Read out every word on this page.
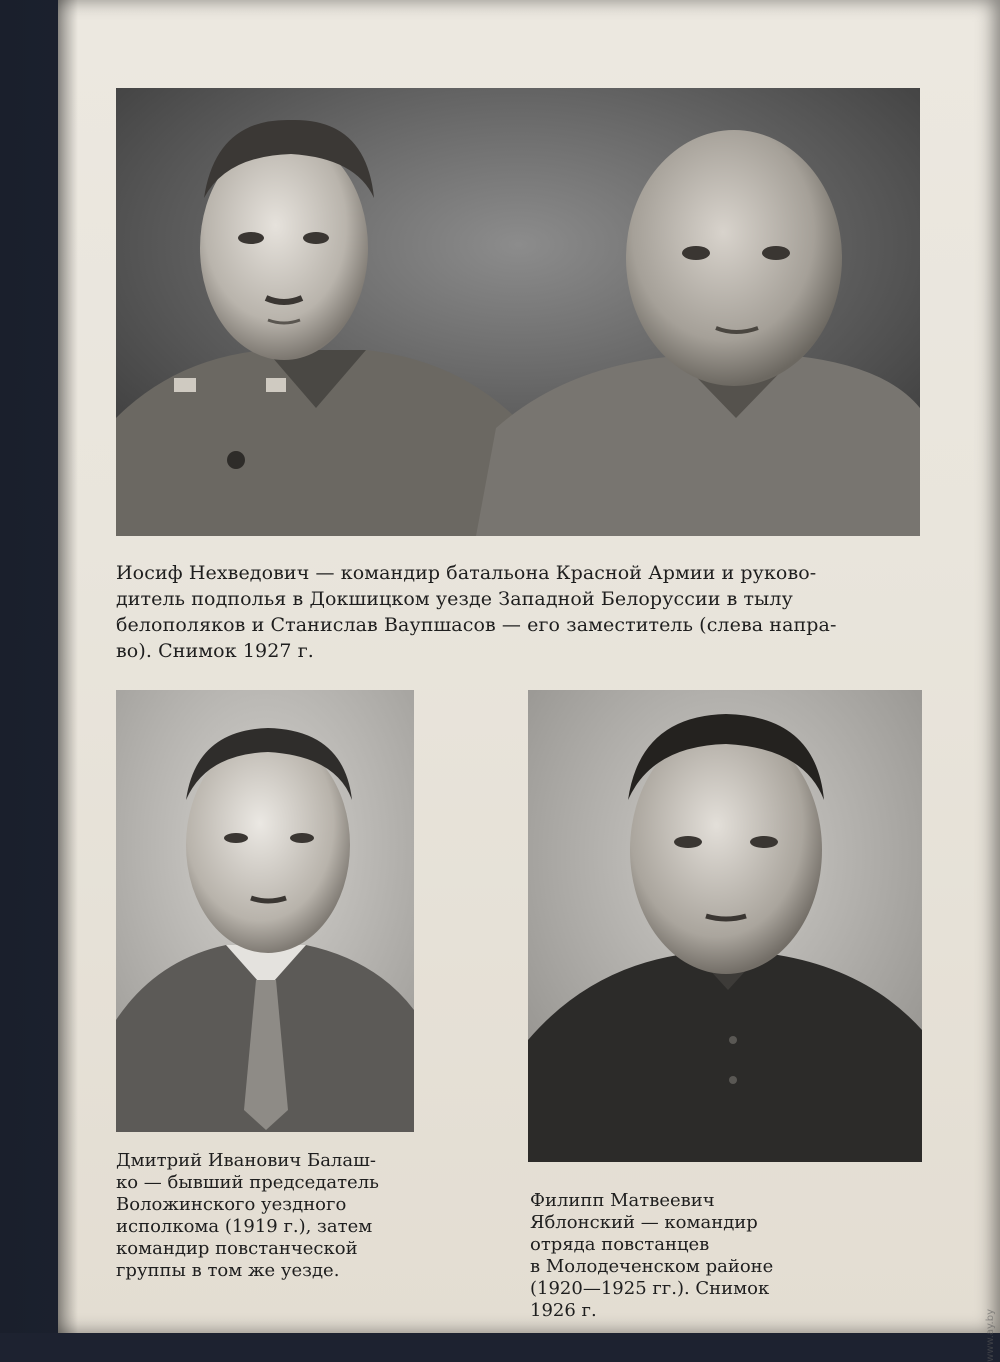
Иосиф Нехведович — командир батальона Красной Армии и руково-

дитель подполья в Докшицком уезде Западной Белоруссии в тылу

белополяков и Станислав Ваупшасов — его заместитель (слева напра-

во). Снимок 1927 г.

Дмитрий Иванович Балаш-

ко — бывший председатель

Воложинского уездного

исполкома (1919 г.), затем

командир повстанческой

группы в том же уезде.

Филипп Матвеевич

Яблонский — командир

отряда повстанцев

в Молодеченском районе

(1920—1925 гг.). Снимок

1926 г.	www.ay.by
